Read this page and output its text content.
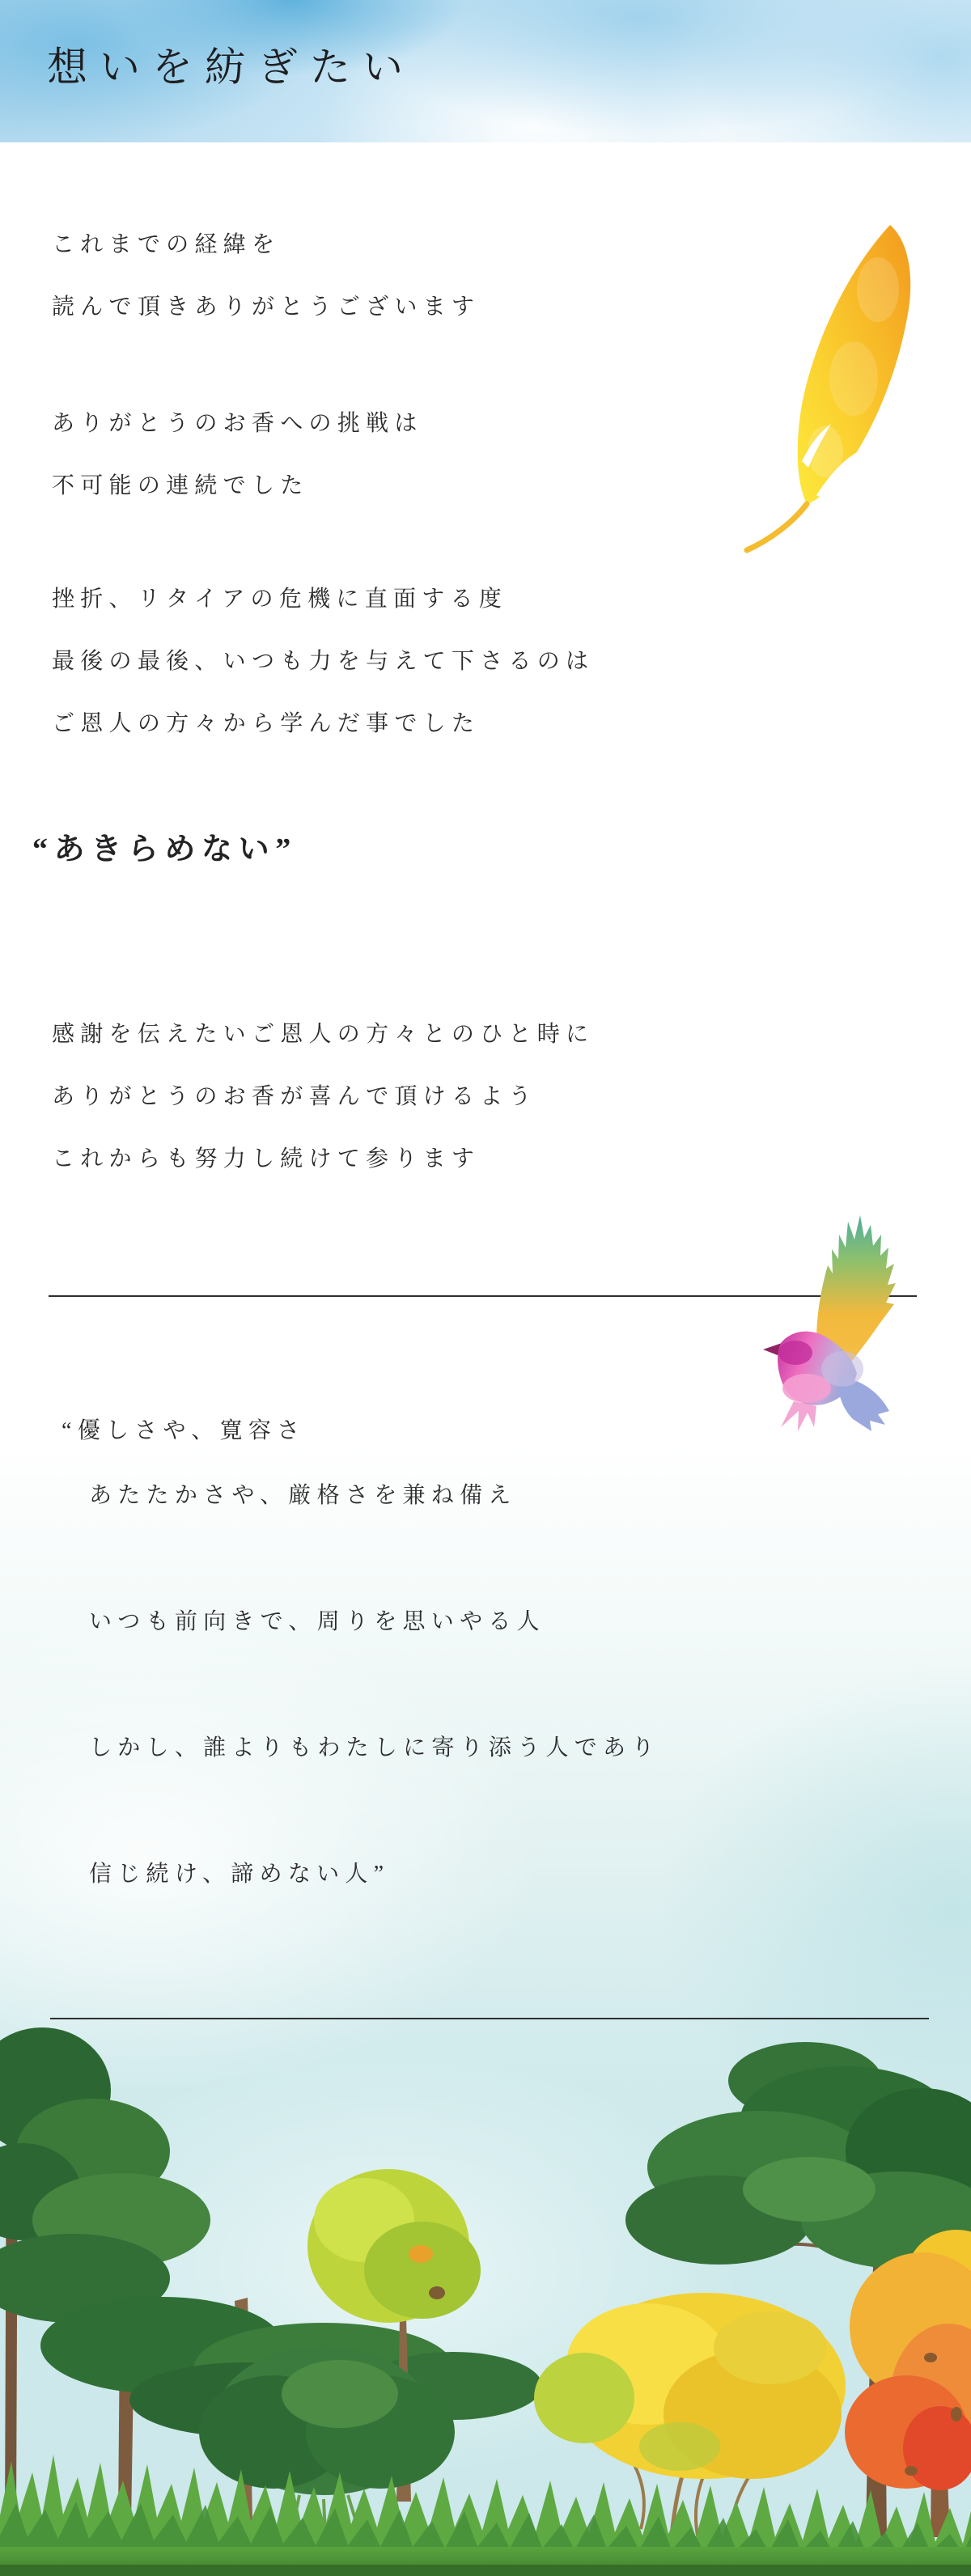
想いを紡ぎたい
これまでの経緯を
読んで頂きありがとうございます
ありがとうのお香への挑戦は
不可能の連続でした
挫折、リタイアの危機に直面する度
最後の最後、いつも力を与えて下さるのは
ご恩人の方々から学んだ事でした
“あきらめない”
感謝を伝えたいご恩人の方々とのひと時に
ありがとうのお香が喜んで頂けるよう
これからも努力し続けて参ります
“優しさや、寛容さ
あたたかさや、厳格さを兼ね備え
いつも前向きで、周りを思いやる人
しかし、誰よりもわたしに寄り添う人であり
信じ続け、諦めない人”
